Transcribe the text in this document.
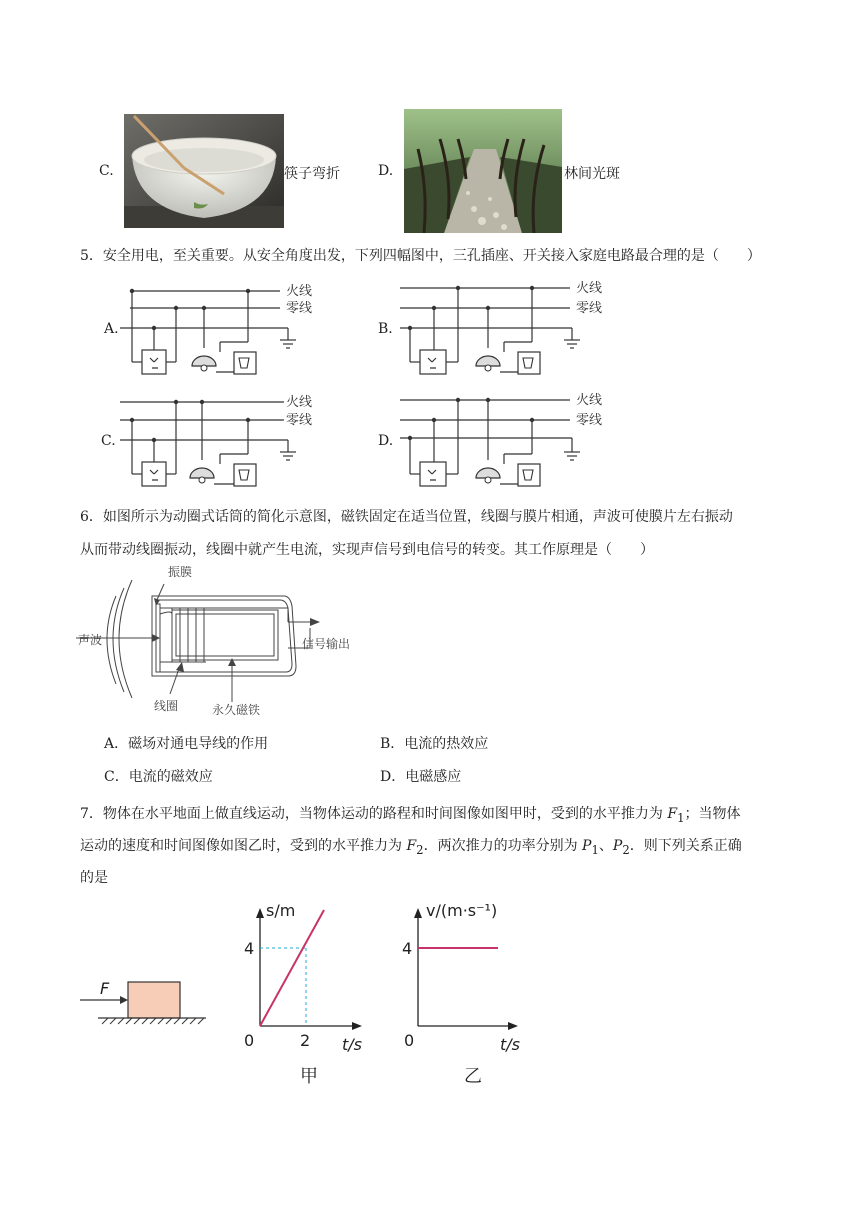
C.	筷子弯折	D.	林间光斑
5．安全用电，至关重要。从安全角度出发，下列四幅图中，三孔插座、开关接入家庭电路最合理的是（　　）
A.
火线
零线
B.
火线
零线
C.
火线
零线
D.
火线
零线
6．如图所示为动圈式话筒的简化示意图，磁铁固定在适当位置，线圈与膜片相通，声波可使膜片左右振动
从而带动线圈振动，线圈中就产生电流，实现声信号到电信号的转变。其工作原理是（　　）
振膜
声波	信号输出
线圈	永久磁铁
A．磁场对通电导线的作用	B．电流的热效应
C．电流的磁效应	D．电磁感应
7．物体在水平地面上做直线运动，当物体运动的路程和时间图像如图甲时，受到的水平推力为 $F_1$；当物体
运动的速度和时间图像如图乙时，受到的水平推力为 $F_2$．两次推力的功率分别为 $P_1$、$P_2$．则下列关系正确
的是
F
s/m
4
2
0	t/s
甲
v/(m·s⁻¹)
4
0	t/s
乙
